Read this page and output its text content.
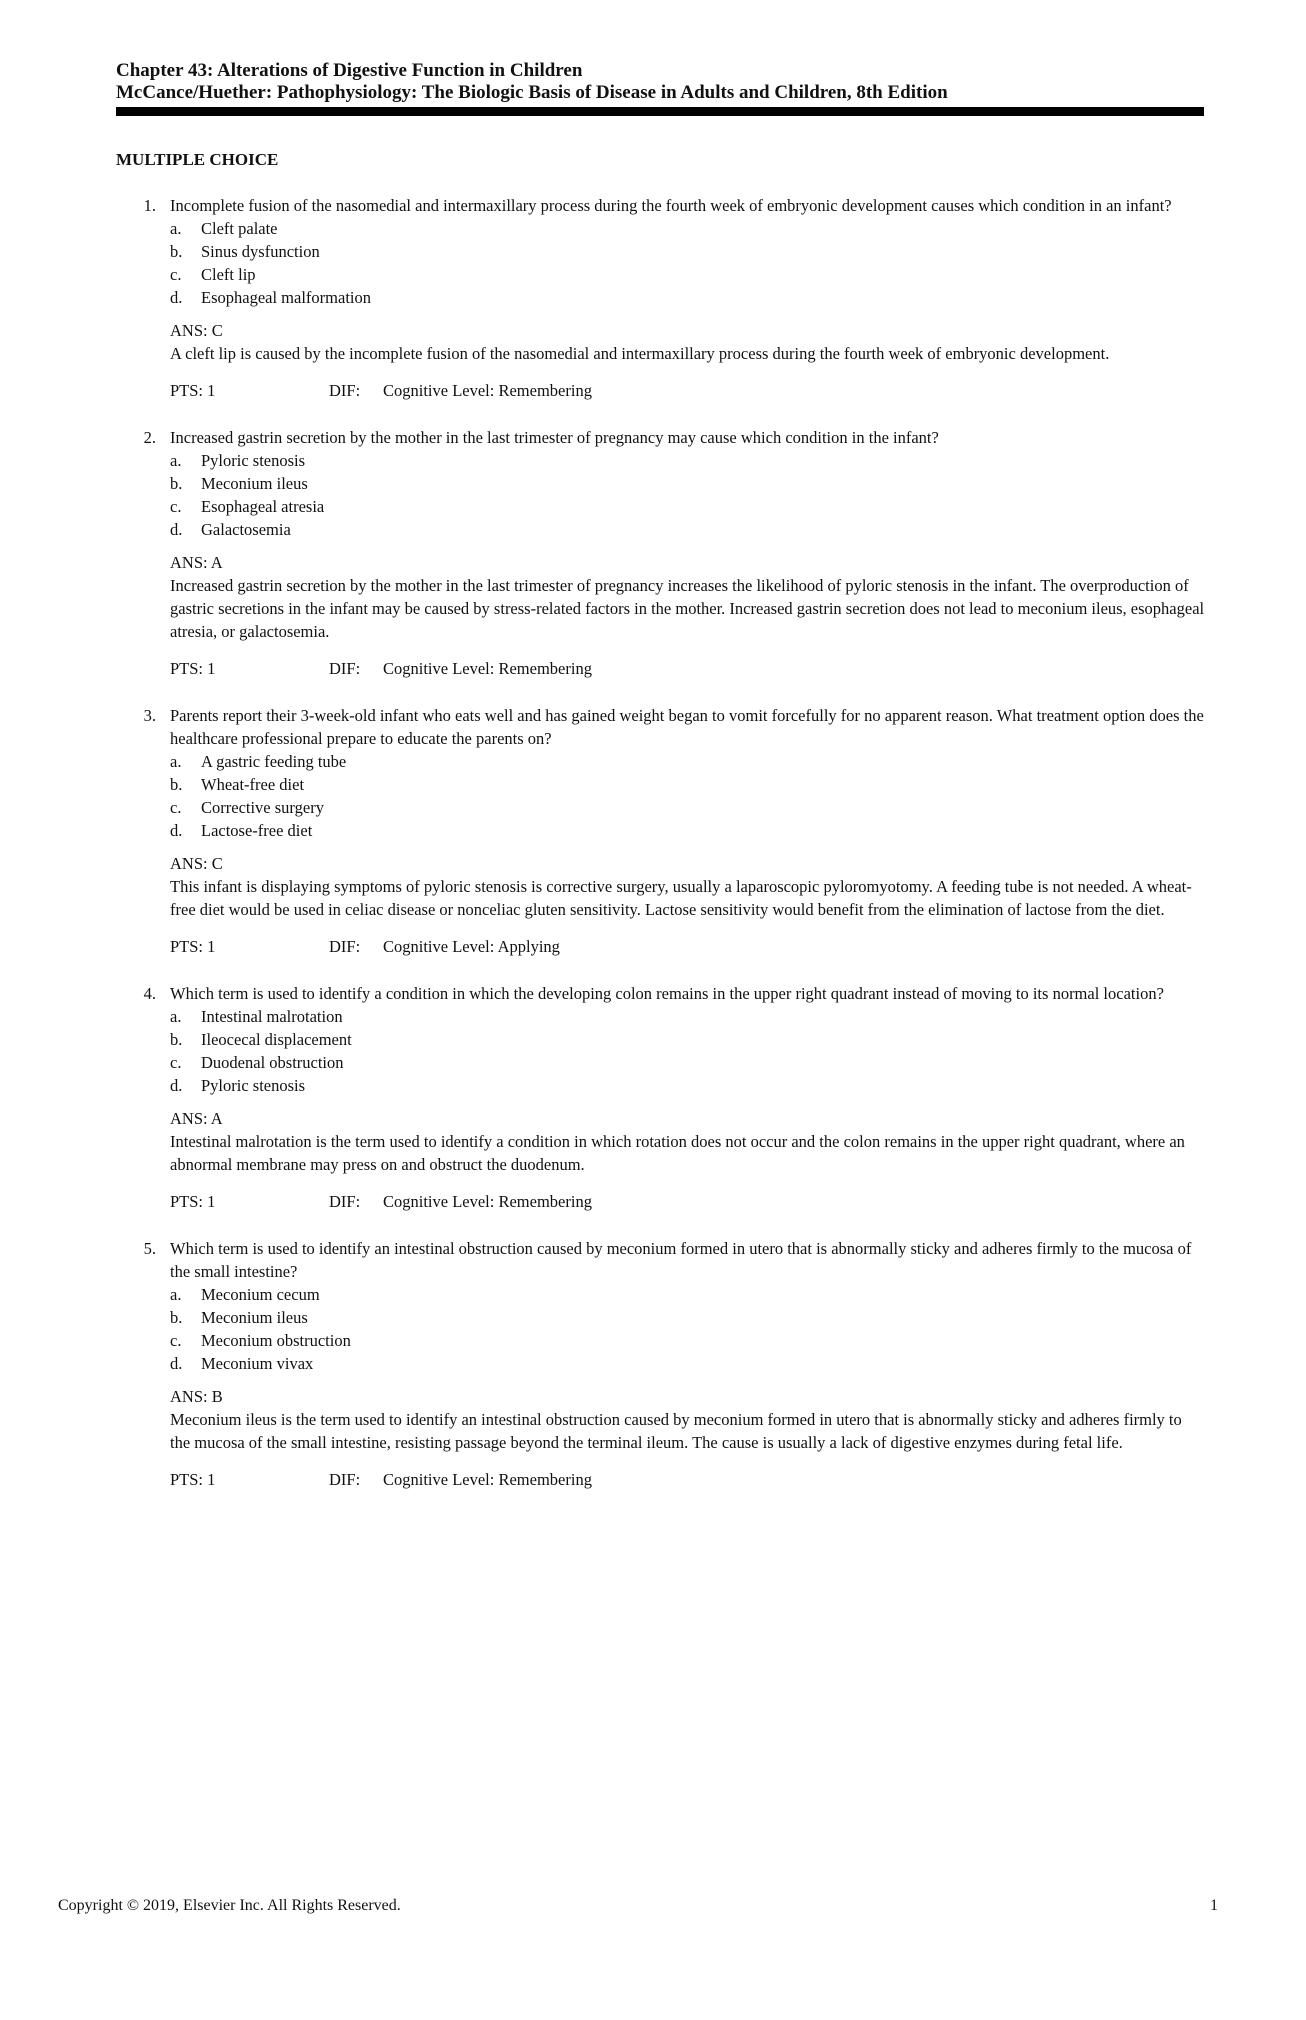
Chapter 43: Alterations of Digestive Function in Children
McCance/Huether: Pathophysiology: The Biologic Basis of Disease in Adults and Children, 8th Edition
MULTIPLE CHOICE
1. Incomplete fusion of the nasomedial and intermaxillary process during the fourth week of embryonic development causes which condition in an infant?
a.	Cleft palate
b.	Sinus dysfunction
c.	Cleft lip
d.	Esophageal malformation
ANS: C
A cleft lip is caused by the incomplete fusion of the nasomedial and intermaxillary process during the fourth week of embryonic development.
PTS: 1	DIF:	Cognitive Level: Remembering
2. Increased gastrin secretion by the mother in the last trimester of pregnancy may cause which condition in the infant?
a.	Pyloric stenosis
b.	Meconium ileus
c.	Esophageal atresia
d.	Galactosemia
ANS: A
Increased gastrin secretion by the mother in the last trimester of pregnancy increases the likelihood of pyloric stenosis in the infant. The overproduction of gastric secretions in the infant may be caused by stress-related factors in the mother. Increased gastrin secretion does not lead to meconium ileus, esophageal atresia, or galactosemia.
PTS: 1	DIF:	Cognitive Level: Remembering
3. Parents report their 3-week-old infant who eats well and has gained weight began to vomit forcefully for no apparent reason. What treatment option does the healthcare professional prepare to educate the parents on?
a.	A gastric feeding tube
b.	Wheat-free diet
c.	Corrective surgery
d.	Lactose-free diet
ANS: C
This infant is displaying symptoms of pyloric stenosis is corrective surgery, usually a laparoscopic pyloromyotomy. A feeding tube is not needed. A wheat-free diet would be used in celiac disease or nonceliac gluten sensitivity. Lactose sensitivity would benefit from the elimination of lactose from the diet.
PTS: 1	DIF:	Cognitive Level: Applying
4. Which term is used to identify a condition in which the developing colon remains in the upper right quadrant instead of moving to its normal location?
a.	Intestinal malrotation
b.	Ileocecal displacement
c.	Duodenal obstruction
d.	Pyloric stenosis
ANS: A
Intestinal malrotation is the term used to identify a condition in which rotation does not occur and the colon remains in the upper right quadrant, where an abnormal membrane may press on and obstruct the duodenum.
PTS: 1	DIF:	Cognitive Level: Remembering
5. Which term is used to identify an intestinal obstruction caused by meconium formed in utero that is abnormally sticky and adheres firmly to the mucosa of the small intestine?
a.	Meconium cecum
b.	Meconium ileus
c.	Meconium obstruction
d.	Meconium vivax
ANS: B
Meconium ileus is the term used to identify an intestinal obstruction caused by meconium formed in utero that is abnormally sticky and adheres firmly to the mucosa of the small intestine, resisting passage beyond the terminal ileum. The cause is usually a lack of digestive enzymes during fetal life.
PTS: 1	DIF:	Cognitive Level: Remembering
Copyright © 2019, Elsevier Inc. All Rights Reserved.	1
